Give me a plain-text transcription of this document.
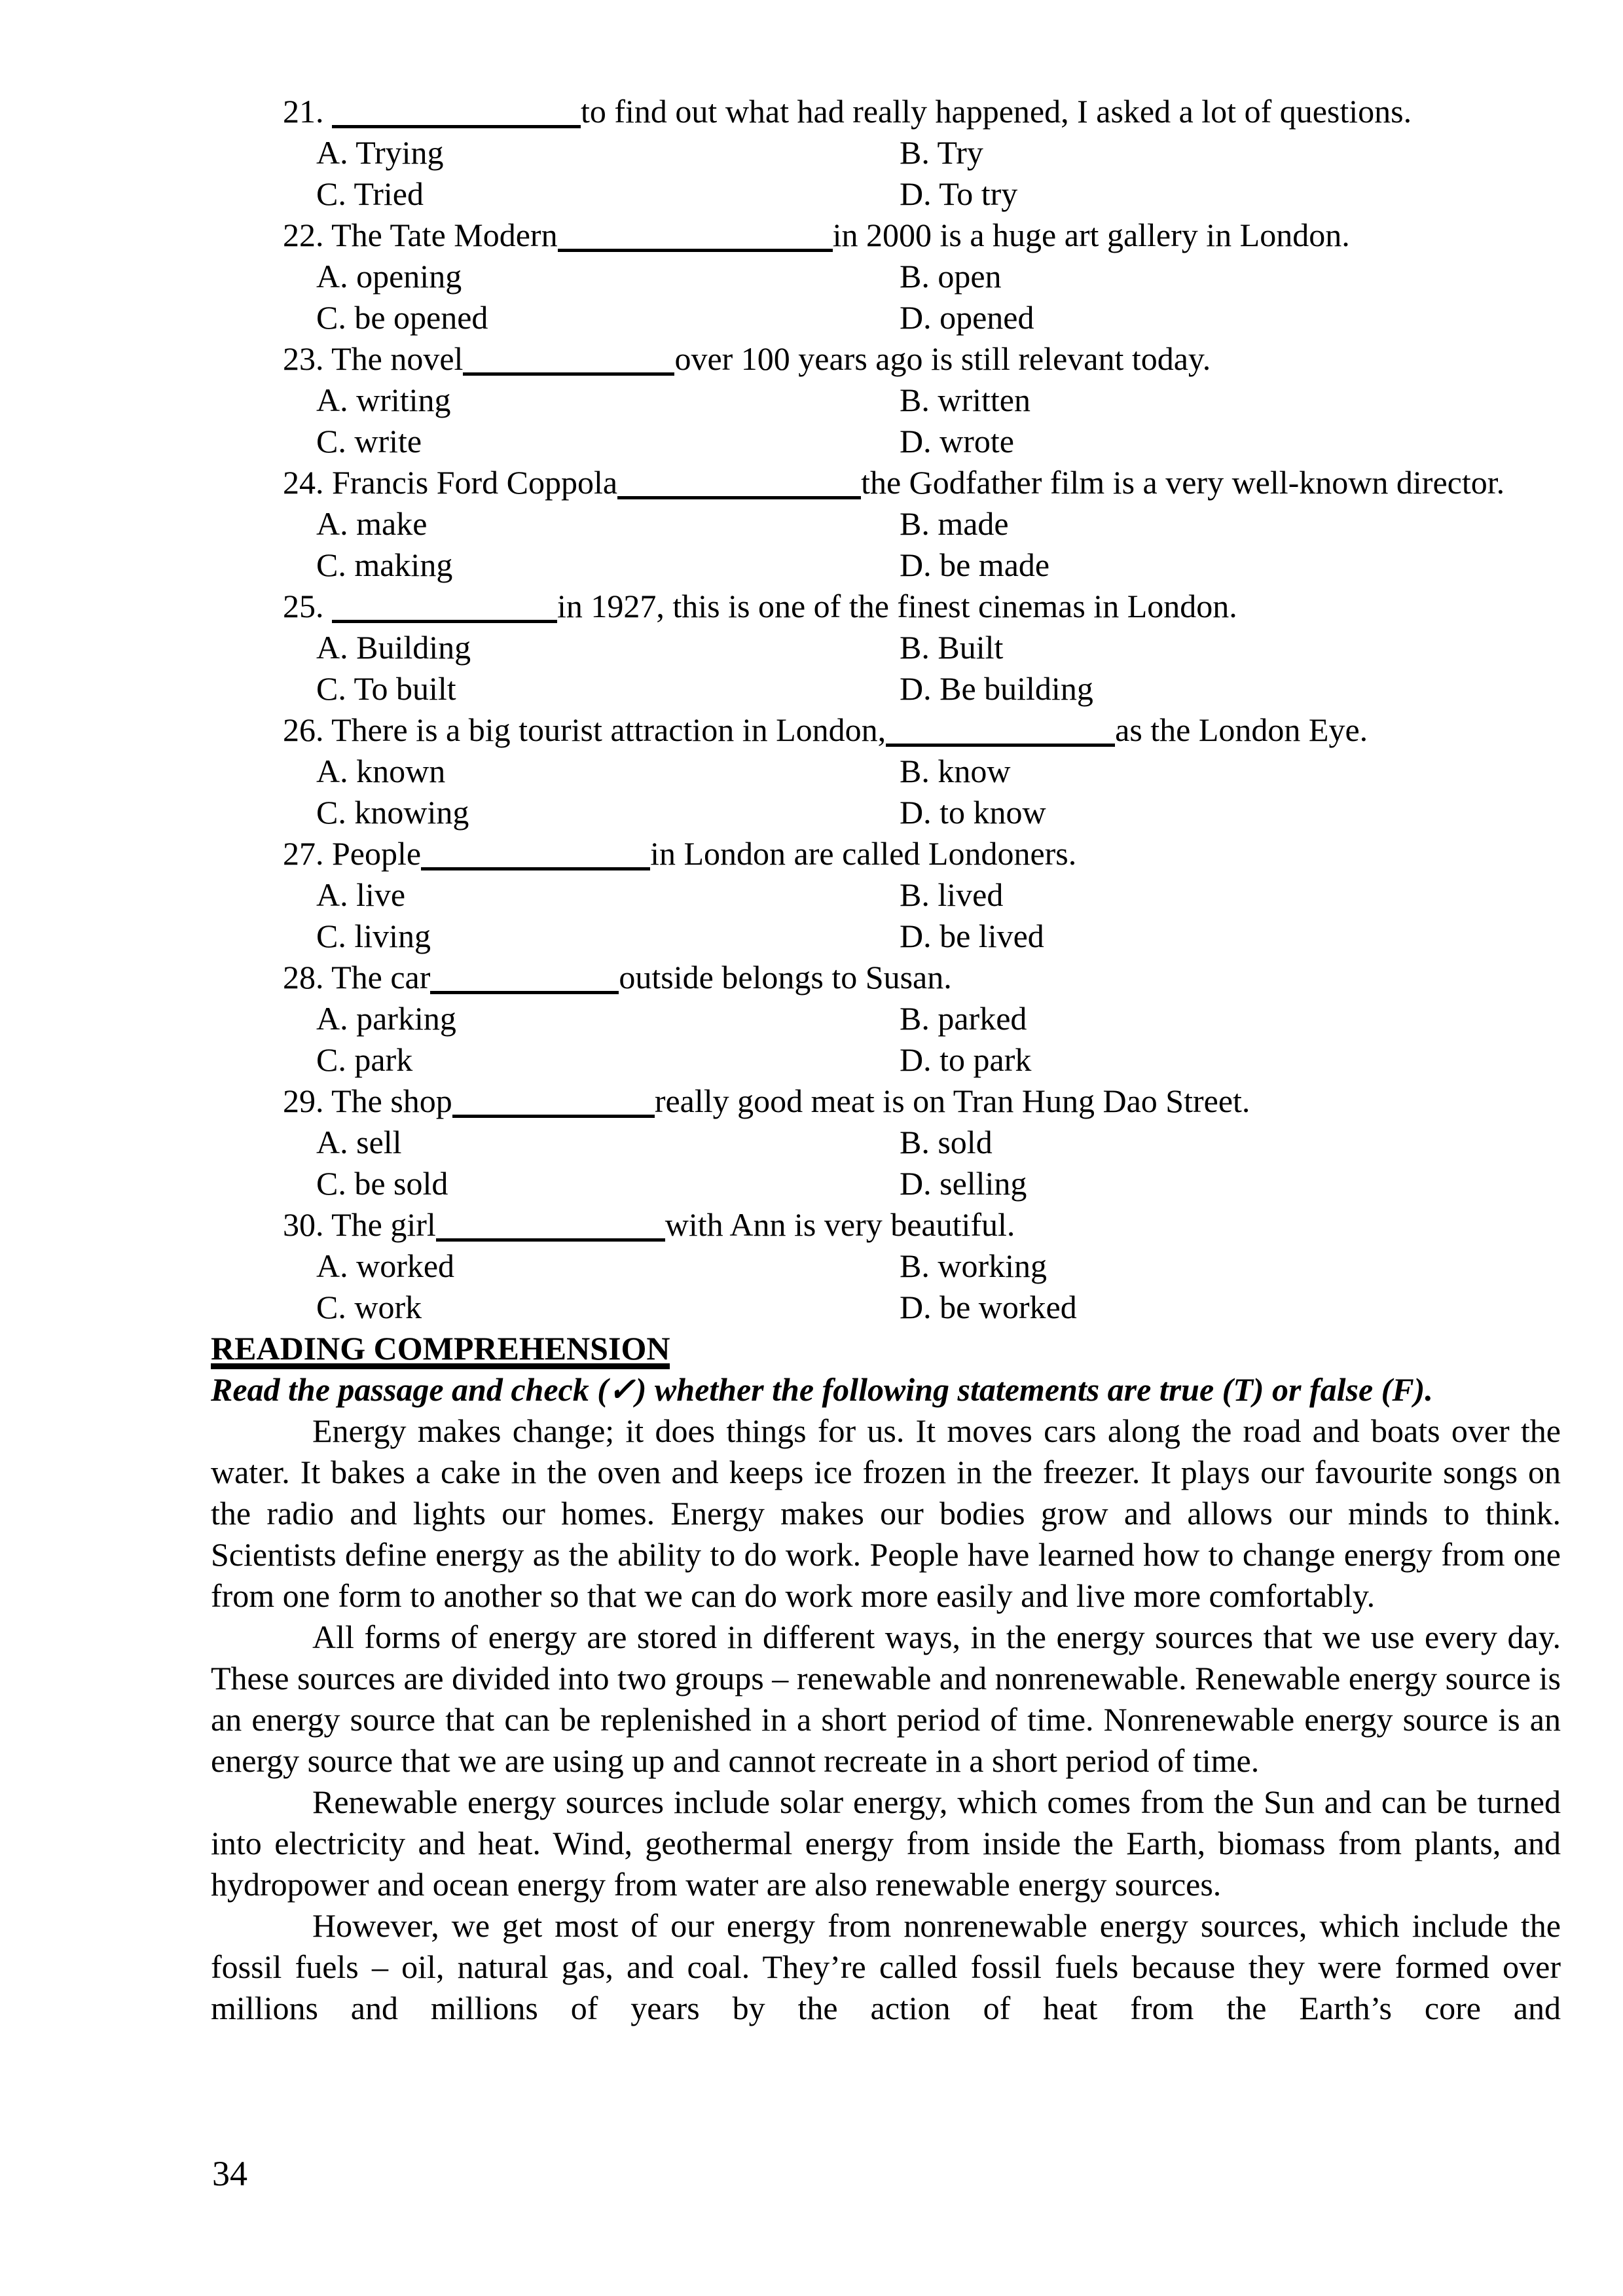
21.	to find out what had really happened, I asked a lot of questions.
A. Trying	B. Try
C. Tried	D. To try
22. The Tate Modern	in 2000 is a huge art gallery in London.
A. opening	B. open
C. be opened	D. opened
23. The novel	over 100 years ago is still relevant today.
A. writing	B. written
C. write	D. wrote
24. Francis Ford Coppola	the Godfather film is a very well-known director.
A. make	B. made
C. making	D. be made
25.	in 1927, this is one of the finest cinemas in London.
A. Building	B. Built
C. To built	D. Be building
26. There is a big tourist attraction in London,	as the London Eye.
A. known	B. know
C. knowing	D. to know
27. People	in London are called Londoners.
A. live	B. lived
C. living	D. be lived
28. The car	outside belongs to Susan.
A. parking	B. parked
C. park	D. to park
29. The shop	really good meat is on Tran Hung Dao Street.
A. sell	B. sold
C. be sold	D. selling
30. The girl	with Ann is very beautiful.
A. worked	B. working
C. work	D. be worked
READING COMPREHENSION

Read the passage and check (✓) whether the following statements are true (T) or false (F).

Energy makes change; it does things for us. It moves cars along the road and boats over the water. It bakes a cake in the oven and keeps ice frozen in the freezer. It plays our favourite songs on the radio and lights our homes. Energy makes our bodies grow and allows our minds to think. Scientists define energy as the ability to do work. People have learned how to change energy from one from one form to another so that we can do work more easily and live more comfortably.

All forms of energy are stored in different ways, in the energy sources that we use every day. These sources are divided into two groups – renewable and nonrenewable. Renewable energy source is an energy source that can be replenished in a short period of time. Nonrenewable energy source is an energy source that we are using up and cannot recreate in a short period of time.

Renewable energy sources include solar energy, which comes from the Sun and can be turned into electricity and heat. Wind, geothermal energy from inside the Earth, biomass from plants, and hydropower and ocean energy from water are also renewable energy sources.

However, we get most of our energy from nonrenewable energy sources, which include the fossil fuels – oil, natural gas, and coal. They’re called fossil fuels because they were formed over millions and millions of years by the action of heat from the Earth’s core and

34
